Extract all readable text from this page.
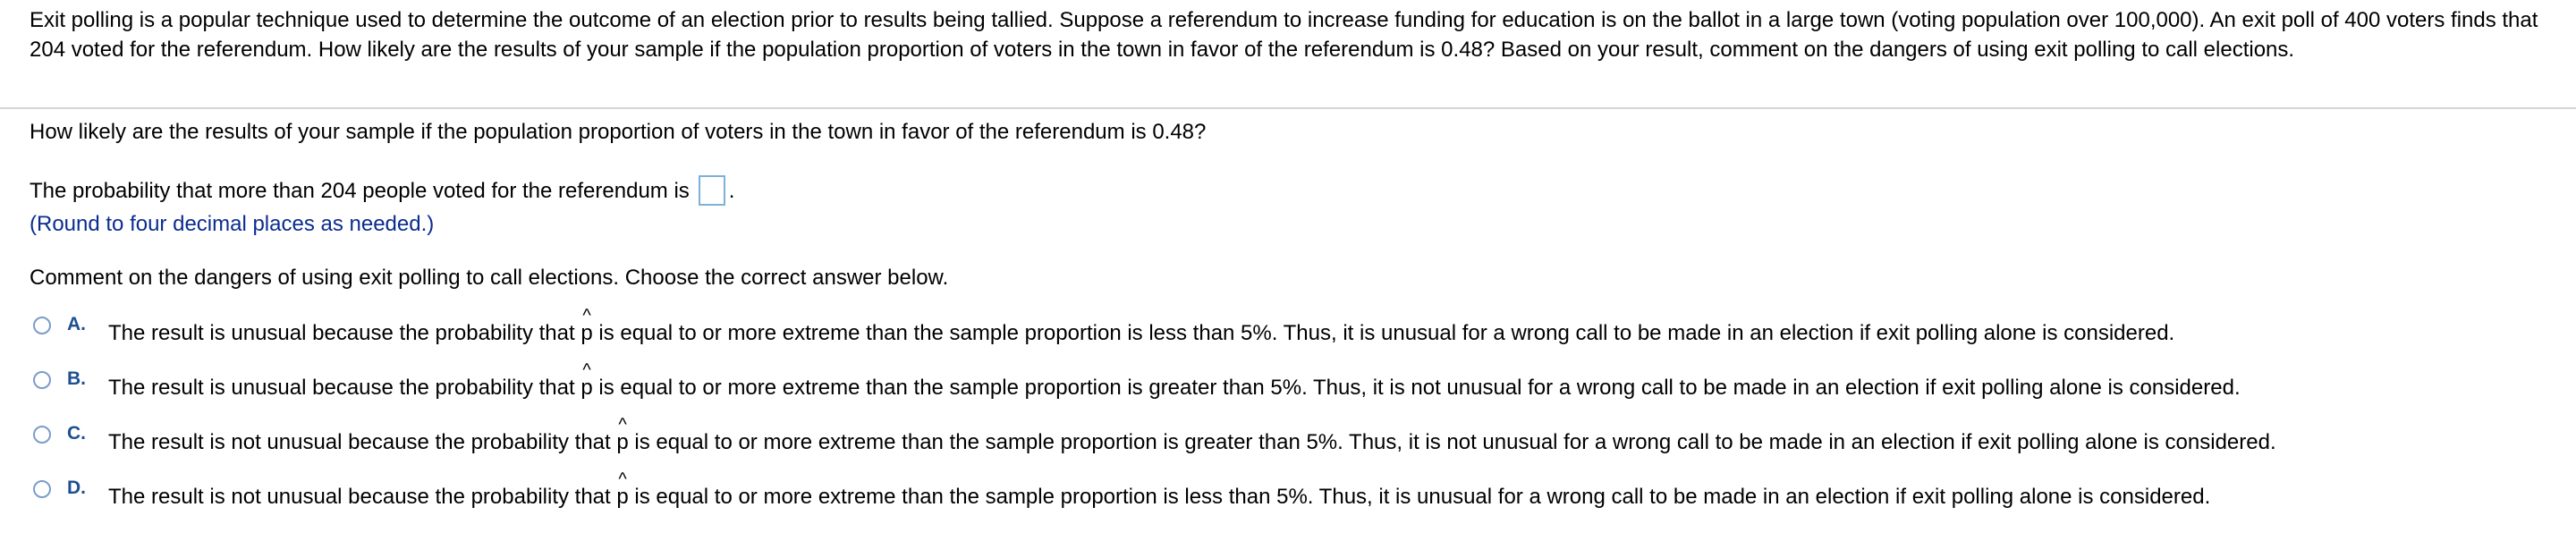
Exit polling is a popular technique used to determine the outcome of an election prior to results being tallied. Suppose a referendum to increase funding for education is on the ballot in a large town (voting population over 100,000). An exit poll of 400 voters finds that 204 voted for the referendum. How likely are the results of your sample if the population proportion of voters in the town in favor of the referendum is 0.48? Based on your result, comment on the dangers of using exit polling to call elections.
How likely are the results of your sample if the population proportion of voters in the town in favor of the referendum is 0.48?
The probability that more than 204 people voted for the referendum is .
(Round to four decimal places as needed.)
Comment on the dangers of using exit polling to call elections. Choose the correct answer below.
A. The result is unusual because the probability that
^
p is equal to or more extreme than the sample proportion is less than 5%. Thus, it is unusual for a wrong call to be made in an election if exit polling alone is considered.
B. The result is unusual because the probability that
^
p is equal to or more extreme than the sample proportion is greater than 5%. Thus, it is not unusual for a wrong call to be made in an election if exit polling alone is considered.
C. The result is not unusual because the probability that
^
p is equal to or more extreme than the sample proportion is greater than 5%. Thus, it is not unusual for a wrong call to be made in an election if exit polling alone is considered.
D. The result is not unusual because the probability that
^
p is equal to or more extreme than the sample proportion is less than 5%. Thus, it is unusual for a wrong call to be made in an election if exit polling alone is considered.
